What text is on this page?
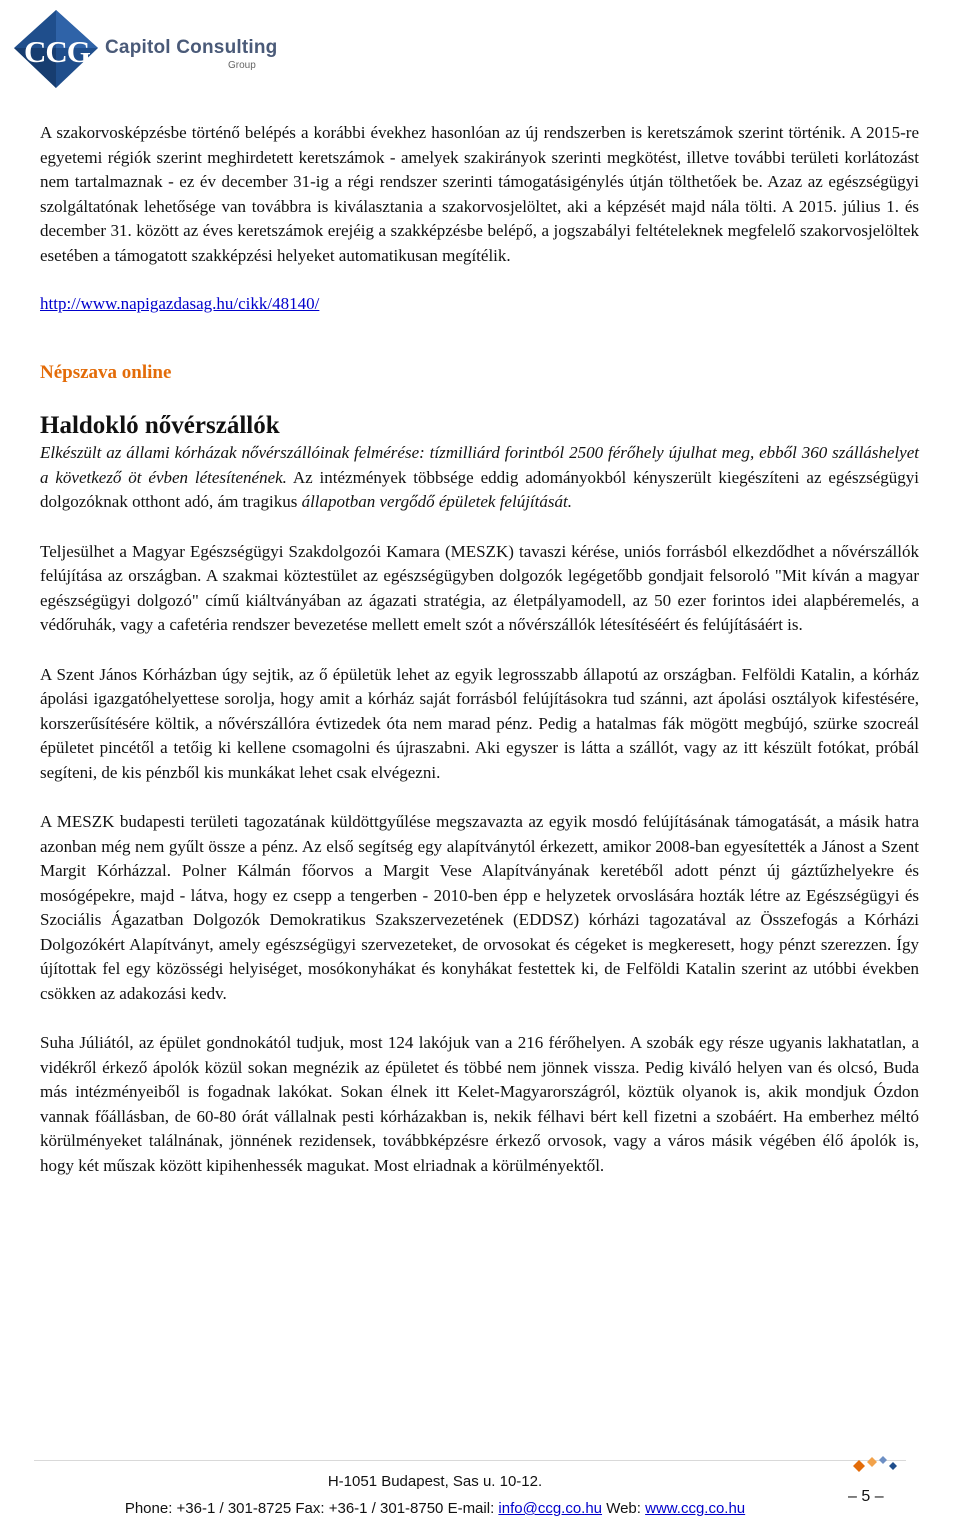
CCG Capitol Consulting
Group

A szakorvosképzésbe történő belépés a korábbi évekhez hasonlóan az új rendszerben is keretszámok szerint történik. A 2015-re egyetemi régiók szerint meghirdetett keretszámok - amelyek szakirányok szerinti megkötést, illetve további területi korlátozást nem tartalmaznak - ez év december 31-ig a régi rendszer szerinti támogatásigénylés útján tölthetőek be. Azaz az egészségügyi szolgáltatónak lehetősége van továbbra is kiválasztania a szakorvosjelöltet, aki a képzését majd nála tölti. A 2015. július 1. és december 31. között az éves keretszámok erejéig a szakképzésbe belépő, a jogszabályi feltételeknek megfelelő szakorvosjelöltek esetében a támogatott szakképzési helyeket automatikusan megítélik.

http://www.napigazdasag.hu/cikk/48140/
Népszava online
Haldokló nővérszállók

Elkészült az állami kórházak nővérszállóinak felmérése: tízmilliárd forintból 2500 férőhely újulhat meg, ebből 360 szálláshelyet a következő öt évben létesítenének. Az intézmények többsége eddig adományokból kényszerült kiegészíteni az egészségügyi dolgozóknak otthont adó, ám tragikus állapotban vergődő épületek felújítását.

Teljesülhet a Magyar Egészségügyi Szakdolgozói Kamara (MESZK) tavaszi kérése, uniós forrásból elkezdődhet a nővérszállók felújítása az országban. A szakmai köztestület az egészségügyben dolgozók legégetőbb gondjait felsoroló "Mit kíván a magyar egészségügyi dolgozó" című kiáltványában az ágazati stratégia, az életpályamodell, az 50 ezer forintos idei alapbéremelés, a védőruhák, vagy a cafetéria rendszer bevezetése mellett emelt szót a nővérszállók létesítéséért és felújításáért is.

A Szent János Kórházban úgy sejtik, az ő épületük lehet az egyik legrosszabb állapotú az országban. Felföldi Katalin, a kórház ápolási igazgatóhelyettese sorolja, hogy amit a kórház saját forrásból felújításokra tud szánni, azt ápolási osztályok kifestésére, korszerűsítésére költik, a nővérszállóra évtizedek óta nem marad pénz. Pedig a hatalmas fák mögött megbújó, szürke szocreál épületet pincétől a tetőig ki kellene csomagolni és újraszabni. Aki egyszer is látta a szállót, vagy az itt készült fotókat, próbál segíteni, de kis pénzből kis munkákat lehet csak elvégezni.

A MESZK budapesti területi tagozatának küldöttgyűlése megszavazta az egyik mosdó felújításának támogatását, a másik hatra azonban még nem gyűlt össze a pénz. Az első segítség egy alapítványtól érkezett, amikor 2008-ban egyesítették a Jánost a Szent Margit Kórházzal. Polner Kálmán főorvos a Margit Vese Alapítványának keretéből adott pénzt új gáztűzhelyekre és mosógépekre, majd - látva, hogy ez csepp a tengerben - 2010-ben épp e helyzetek orvoslására hozták létre az Egészségügyi és Szociális Ágazatban Dolgozók Demokratikus Szakszervezetének (EDDSZ) kórházi tagozatával az Összefogás a Kórházi Dolgozókért Alapítványt, amely egészségügyi szervezeteket, de orvosokat és cégeket is megkeresett, hogy pénzt szerezzen. Így újítottak fel egy közösségi helyiséget, mosókonyhákat és konyhákat festettek ki, de Felföldi Katalin szerint az utóbbi években csökken az adakozási kedv.

Suha Júliától, az épület gondnokától tudjuk, most 124 lakójuk van a 216 férőhelyen. A szobák egy része ugyanis lakhatatlan, a vidékről érkező ápolók közül sokan megnézik az épületet és többé nem jönnek vissza. Pedig kiváló helyen van és olcsó, Buda más intézményeiből is fogadnak lakókat. Sokan élnek itt Kelet-Magyarországról, köztük olyanok is, akik mondjuk Ózdon vannak főállásban, de 60-80 órát vállalnak pesti kórházakban is, nekik félhavi bért kell fizetni a szobáért. Ha emberhez méltó körülményeket találnának, jönnének rezidensek, továbbképzésre érkező orvosok, vagy a város másik végében élő ápolók is, hogy két műszak között kipihenhessék magukat. Most elriadnak a körülményektől.

H-1051 Budapest, Sas u. 10-12.
Phone: +36-1 / 301-8725 Fax: +36-1 / 301-8750 E-mail: info@ccg.co.hu Web: www.ccg.co.hu
– 5 –
